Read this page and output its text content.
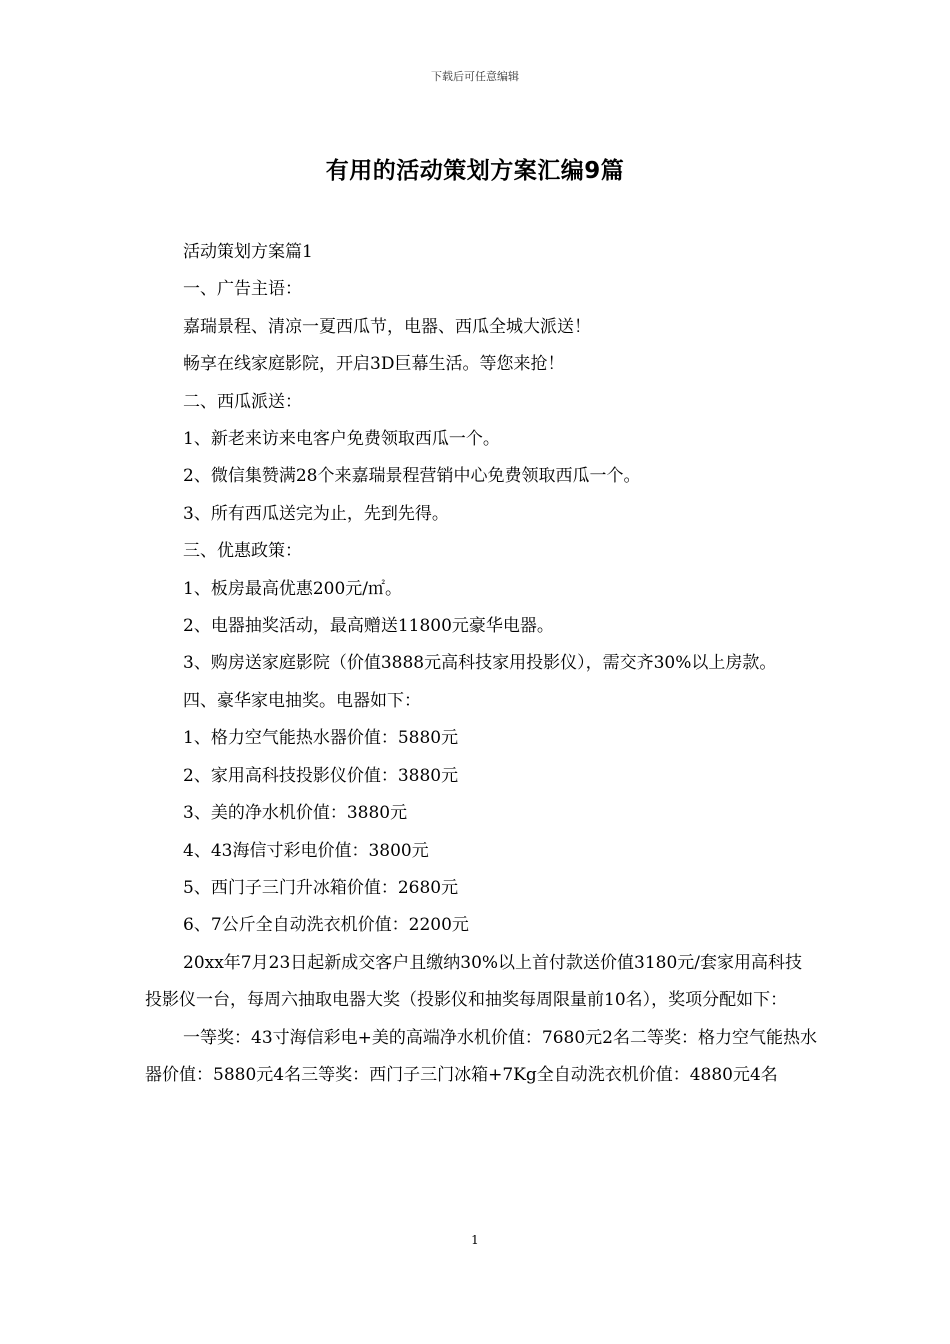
下载后可任意编辑
有用的活动策划方案汇编9篇

活动策划方案篇1

一、广告主语：

嘉瑞景程、清凉一夏西瓜节，电器、西瓜全城大派送！

畅享在线家庭影院，开启3D巨幕生活。等您来抢！

二、西瓜派送：

1、新老来访来电客户免费领取西瓜一个。

2、微信集赞满28个来嘉瑞景程营销中心免费领取西瓜一个。

3、所有西瓜送完为止，先到先得。

三、优惠政策：

1、板房最高优惠200元/㎡。

2、电器抽奖活动，最高赠送11800元豪华电器。

3、购房送家庭影院（价值3888元高科技家用投影仪），需交齐30%以上房款。

四、豪华家电抽奖。电器如下：

1、格力空气能热水器价值：5880元

2、家用高科技投影仪价值：3880元

3、美的净水机价值：3880元

4、43海信寸彩电价值：3800元

5、西门子三门升冰箱价值：2680元

6、7公斤全自动洗衣机价值：2200元

20xx年7月23日起新成交客户且缴纳30%以上首付款送价值3180元/套家用高科技投影仪一台，每周六抽取电器大奖（投影仪和抽奖每周限量前10名），奖项分配如下：

一等奖：43寸海信彩电+美的高端净水机价值：7680元2名二等奖：格力空气能热水器价值：5880元4名三等奖：西门子三门冰箱+7Kg全自动洗衣机价值：4880元4名

1
